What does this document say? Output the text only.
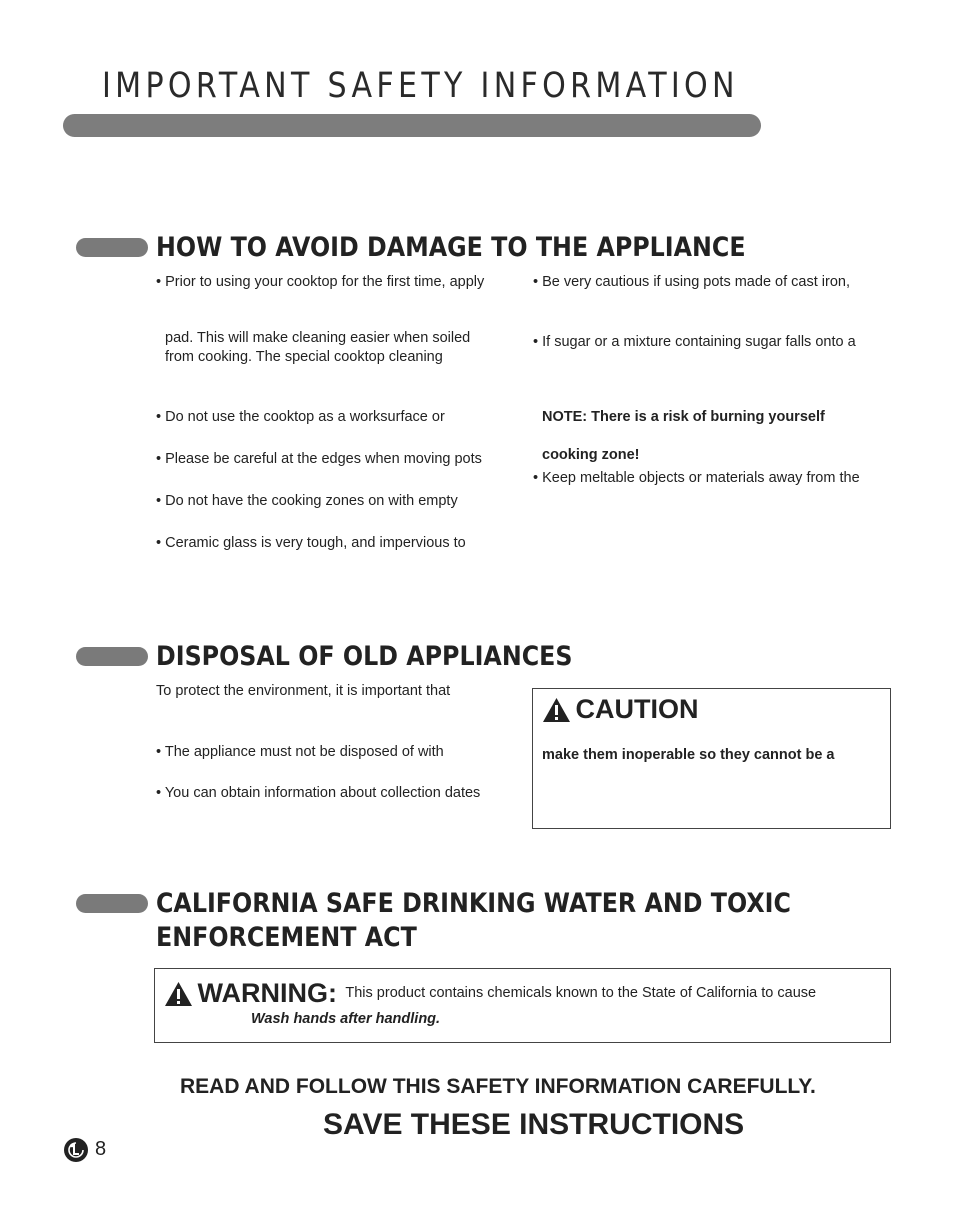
IMPORTANT SAFETY INFORMATION
HOW TO AVOID DAMAGE TO THE APPLIANCE
• Prior to using your cooktop for the first time, apply
pad. This will make cleaning easier when soiled
from cooking. The special cooktop cleaning
• Do not use the cooktop as a worksurface or
• Please be careful at the edges when moving pots
• Do not have the cooking zones on with empty
• Ceramic glass is very tough, and impervious to
• Be very cautious if using pots made of cast iron,
• If sugar or a mixture containing sugar falls onto a
NOTE: There is a risk of burning yourself
cooking zone!
• Keep meltable objects or materials away from the
DISPOSAL OF OLD APPLIANCES
To protect the environment, it is important that
• The appliance must not be disposed of with
• You can obtain information about collection dates
CAUTION
make them inoperable so they cannot be a
CALIFORNIA SAFE DRINKING WATER AND TOXIC
ENFORCEMENT ACT
WARNING: This product contains chemicals known to the State of California to cause
Wash hands after handling.
READ AND FOLLOW THIS SAFETY INFORMATION CAREFULLY.
SAVE THESE INSTRUCTIONS
8
